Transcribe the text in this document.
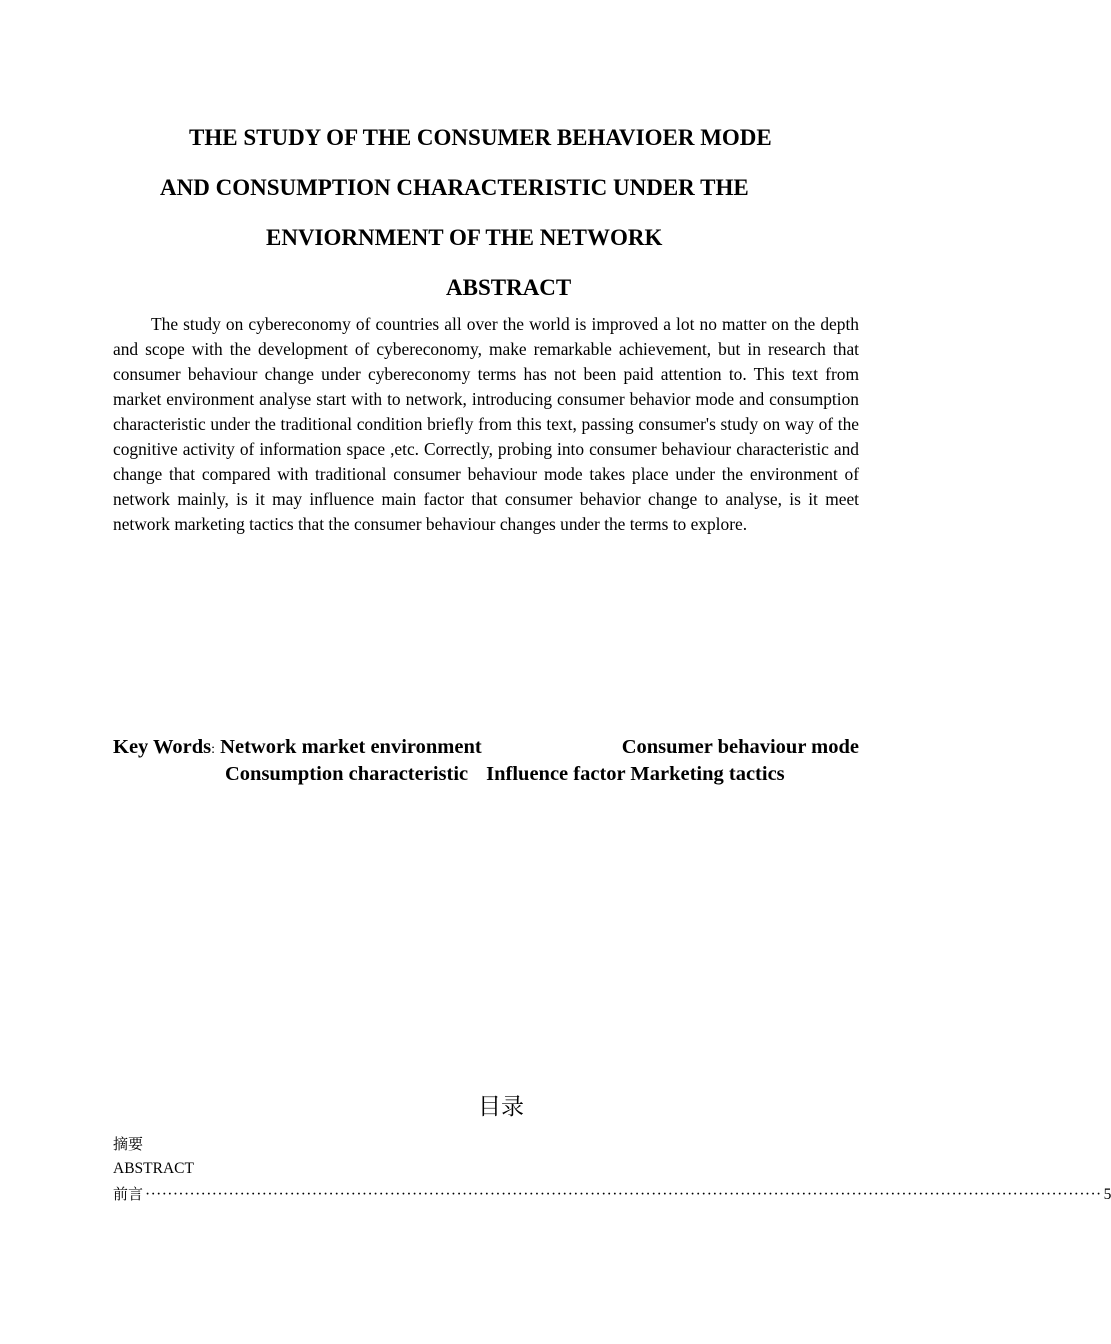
THE STUDY OF THE CONSUMER BEHAVIOER MODE
AND CONSUMPTION CHARACTERISTIC UNDER THE
ENVIORNMENT OF THE NETWORK
ABSTRACT

The study on cybereconomy of countries all over the world is improved a lot no matter on the depth and scope with the development of cybereconomy, make remarkable achievement, but in research that consumer behaviour change under cybereconomy terms has not been paid attention to. This text from market environment analyse start with to network, introducing consumer behavior mode and consumption characteristic under the traditional condition briefly from this text, passing consumer's study on way of the cognitive activity of information space ,etc. Correctly, probing into consumer behaviour characteristic and change that compared with traditional consumer behaviour mode takes place under the environment of network mainly, is it may influence main factor that consumer behavior change to analyse, is it meet network marketing tactics that the consumer behaviour changes under the terms to explore.

Key Words: Network market environment	Consumer behaviour mode
Consumption characteristic Influence factor Marketing tactics
目录
摘要
ABSTRACT
前言 ············································································································································································ 5
